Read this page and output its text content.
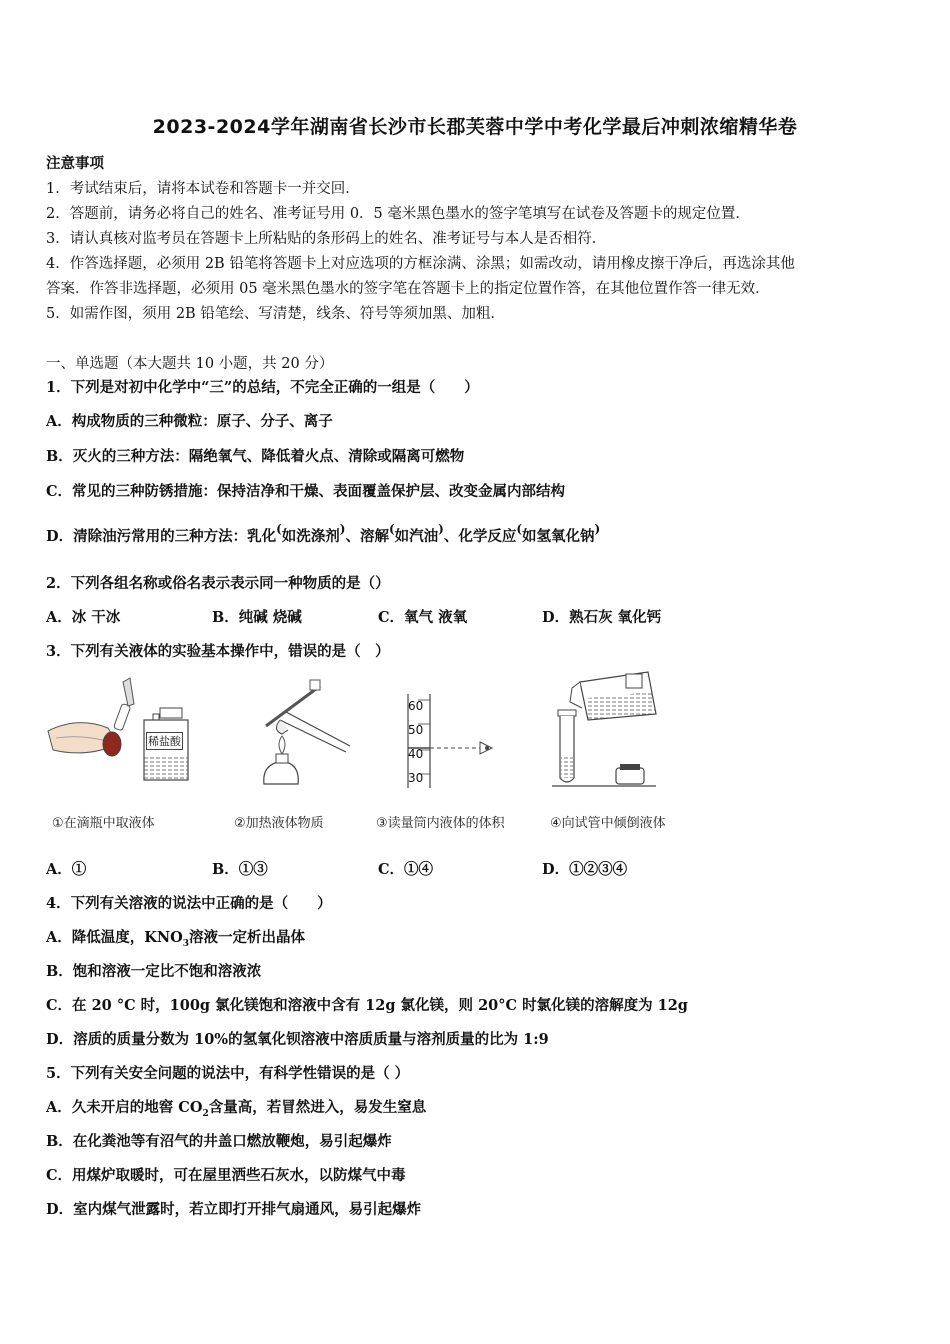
2023-2024学年湖南省长沙市长郡芙蓉中学中考化学最后冲刺浓缩精华卷
注意事项
1．考试结束后，请将本试卷和答题卡一并交回．
2．答题前，请务必将自己的姓名、准考证号用 0．5 毫米黑色墨水的签字笔填写在试卷及答题卡的规定位置．
3．请认真核对监考员在答题卡上所粘贴的条形码上的姓名、准考证号与本人是否相符．
4．作答选择题，必须用 2B 铅笔将答题卡上对应选项的方框涂满、涂黑；如需改动，请用橡皮擦干净后，再选涂其他
答案．作答非选择题，必须用 05 毫米黑色墨水的签字笔在答题卡上的指定位置作答，在其他位置作答一律无效．
5．如需作图，须用 2B 铅笔绘、写清楚，线条、符号等须加黑、加粗．
一、单选题（本大题共 10 小题，共 20 分）
1．下列是对初中化学中“三”的总结，不完全正确的一组是（　　）
A．构成物质的三种微粒：原子、分子、离子
B．灭火的三种方法：隔绝氧气、降低着火点、清除或隔离可燃物
C．常见的三种防锈措施：保持洁净和干燥、表面覆盖保护层、改变金属内部结构
D．清除油污常用的三种方法：乳化(如洗涤剂)、溶解(如汽油)、化学反应(如氢氧化钠)
2．下列各组名称或俗名表示表示同一种物质的是（）
A．冰 干冰	B．纯碱 烧碱	C．氧气 液氧	D．熟石灰 氧化钙
3．下列有关液体的实验基本操作中，错误的是（　）
稀盐酸
60
50
40
30
①在滴瓶中取液体	②加热液体物质	③读量筒内液体的体积	④向试管中倾倒液体
A．①	B．①③	C．①④	D．①②③④
4．下列有关溶液的说法中正确的是（　　）
A．降低温度，$KNO_3$溶液一定析出晶体
B．饱和溶液一定比不饱和溶液浓
C．在 20 °C 时，100g 氯化镁饱和溶液中含有 12g 氯化镁，则 20°C 时氯化镁的溶解度为 12g
D．溶质的质量分数为 10%的氢氧化钡溶液中溶质质量与溶剂质量的比为 1:9
5．下列有关安全问题的说法中，有科学性错误的是（ ）
A．久未开启的地窖 $CO_2$含量高，若冒然进入，易发生窒息
B．在化粪池等有沼气的井盖口燃放鞭炮，易引起爆炸
C．用煤炉取暖时，可在屋里洒些石灰水，以防煤气中毒
D．室内煤气泄露时，若立即打开排气扇通风，易引起爆炸
